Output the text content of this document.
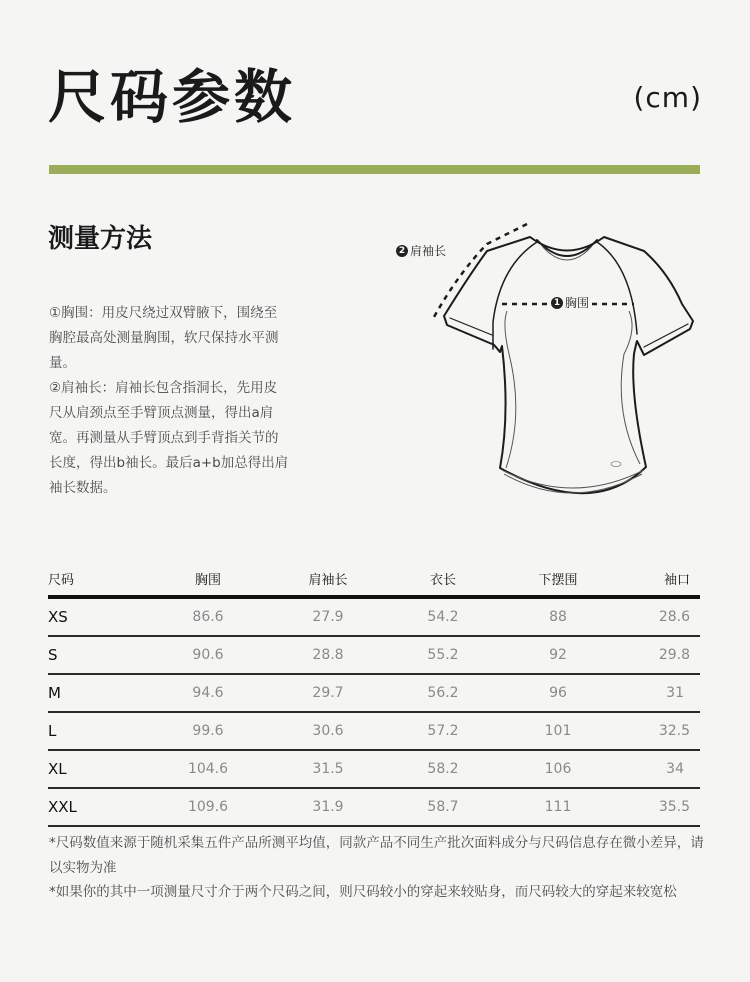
尺码参数	(cm)
测量方法

①胸围：用皮尺绕过双臂腋下，围绕至胸腔最高处测量胸围，软尺保持水平测量。

②肩袖长：肩袖长包含指洞长，先用皮尺从肩颈点至手臂顶点测量，得出a肩宽。再测量从手臂顶点到手背指关节的长度，得出b袖长。最后a+b加总得出肩袖长数据。

1 胸围
2 肩袖长
尺码	胸围	肩袖长	衣长	下摆围	袖口
XS	86.6	27.9	54.2	88	28.6
S	90.6	28.8	55.2	92	29.8
M	94.6	29.7	56.2	96	31
L	99.6	30.6	57.2	101	32.5
XL	104.6	31.5	58.2	106	34
XXL	109.6	31.9	58.7	111	35.5

*尺码数值来源于随机采集五件产品所测平均值，同款产品不同生产批次面料成分与尺码信息存在微小差异，请以实物为准

*如果你的其中一项测量尺寸介于两个尺码之间，则尺码较小的穿起来较贴身，而尺码较大的穿起来较宽松
